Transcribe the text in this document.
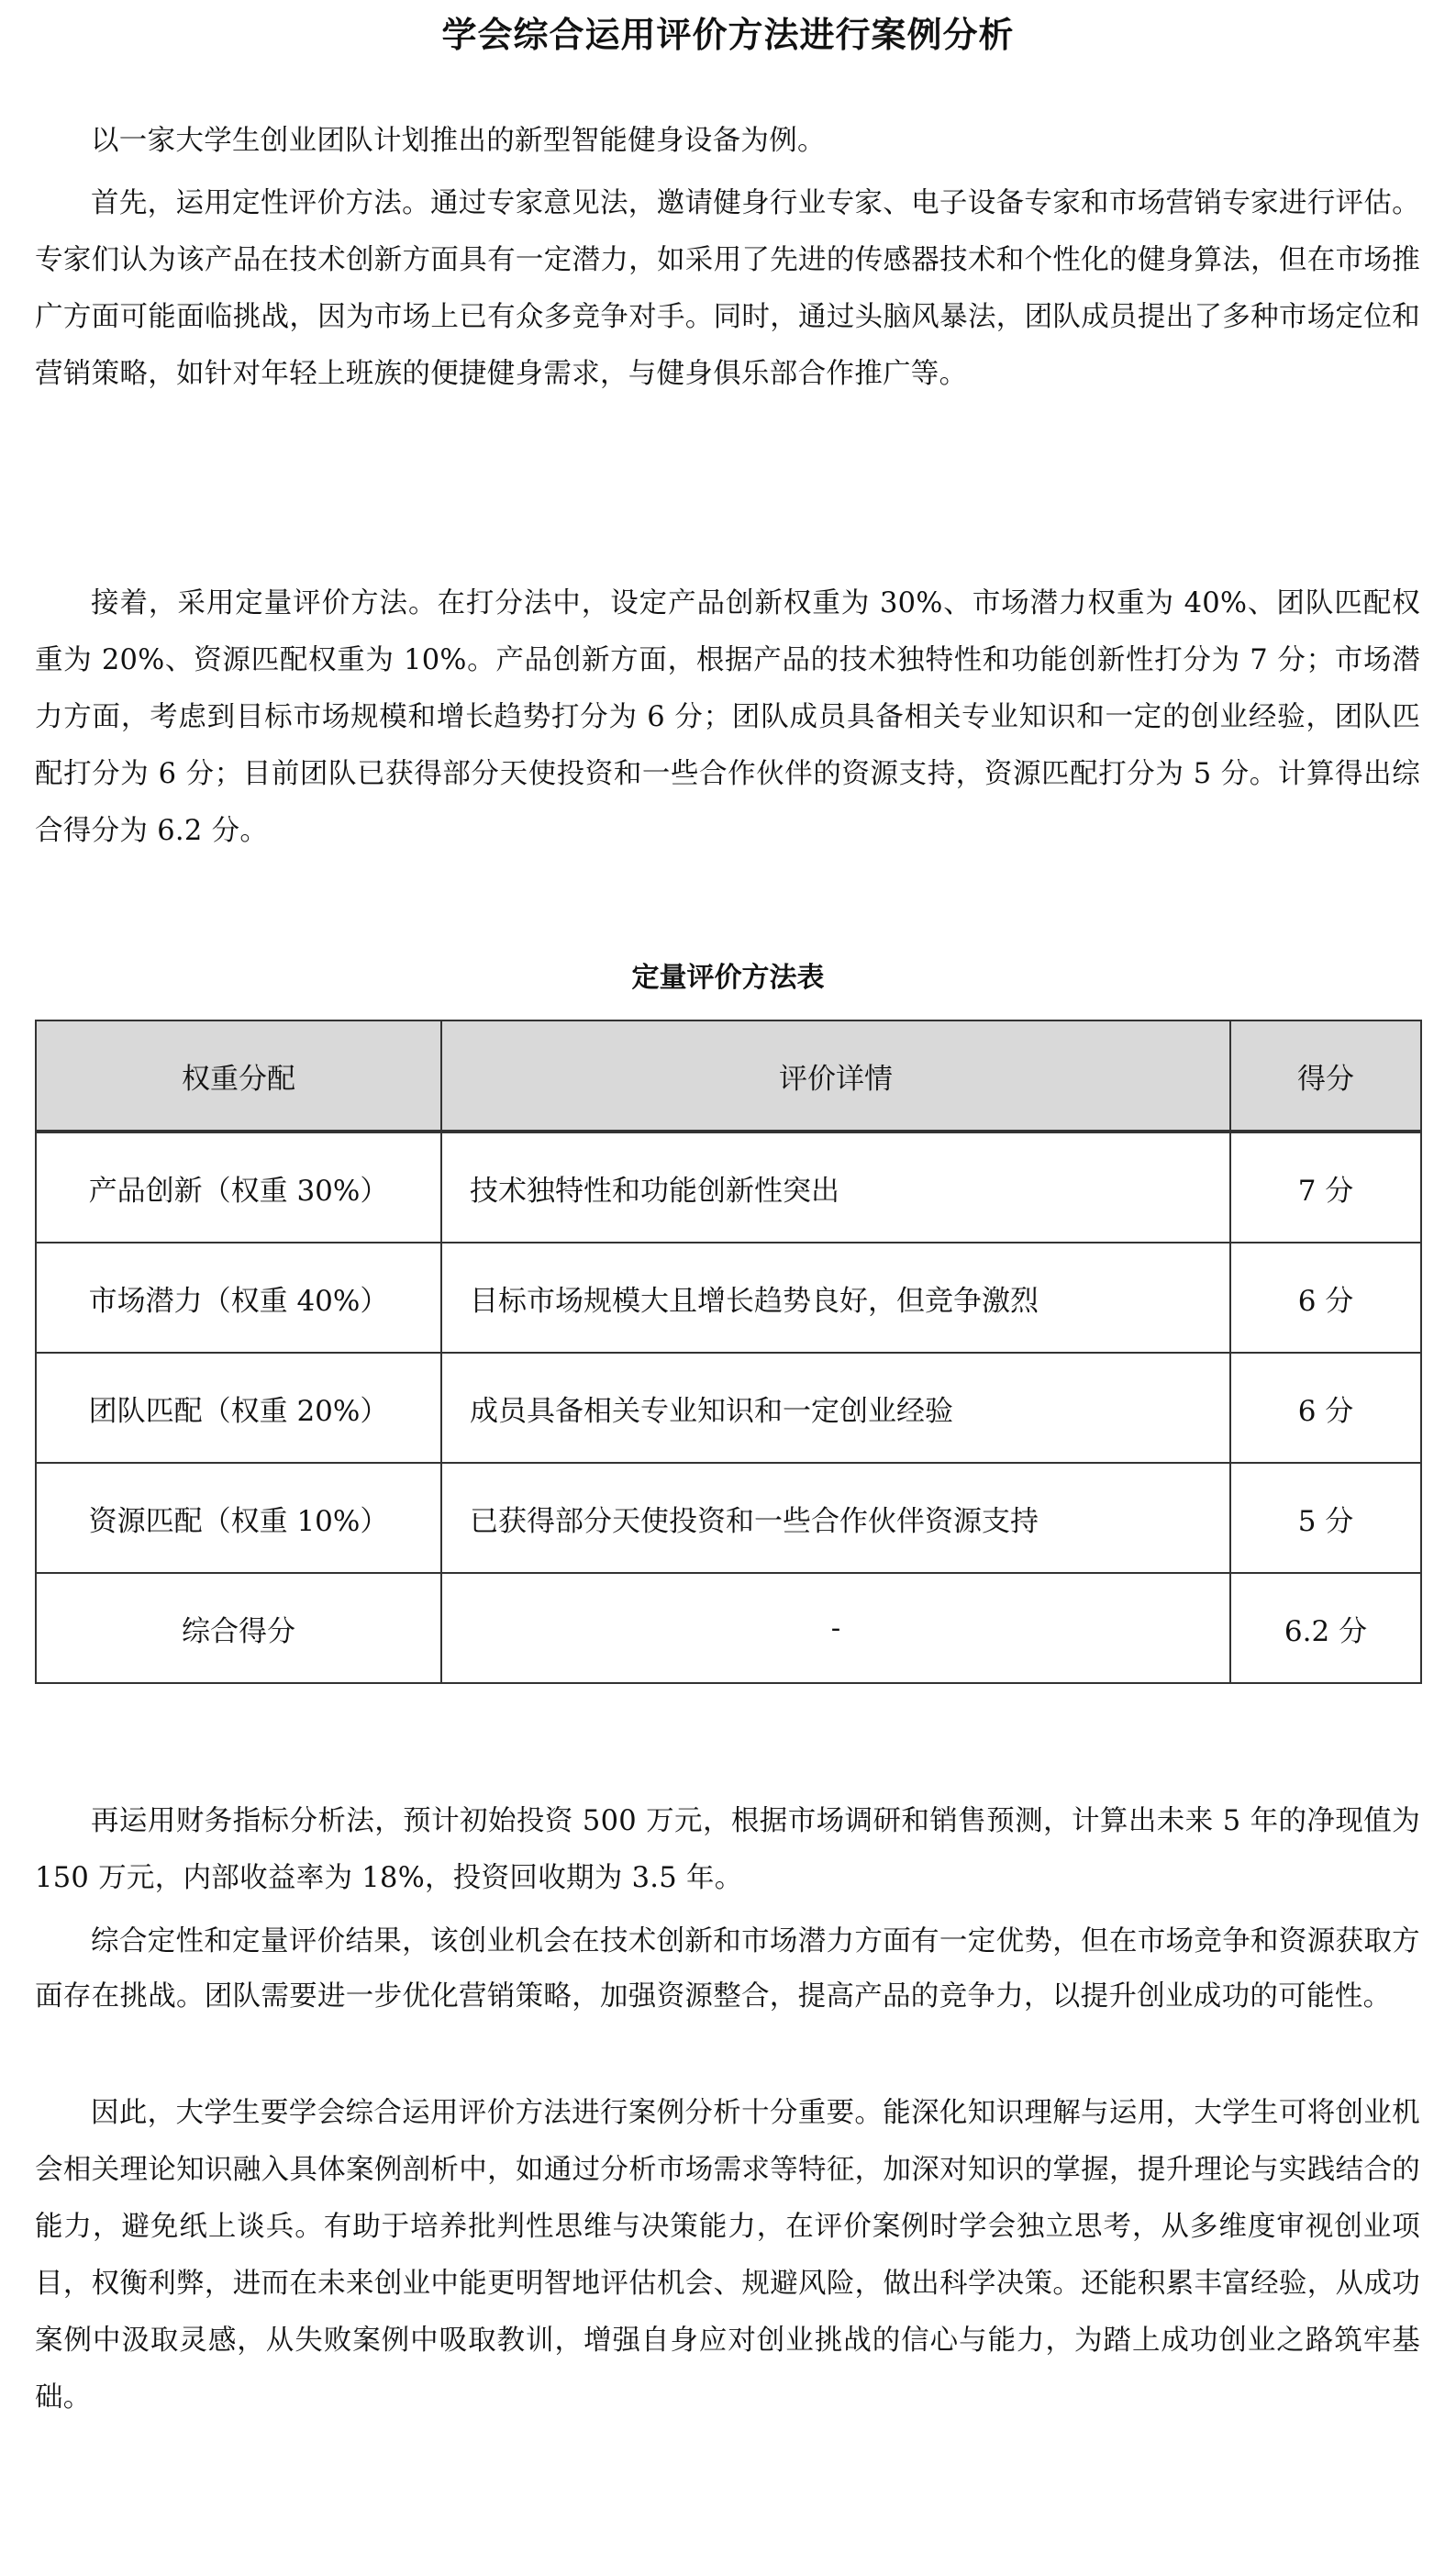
学会综合运用评价方法进行案例分析

以一家大学生创业团队计划推出的新型智能健身设备为例。

首先，运用定性评价方法。通过专家意见法，邀请健身行业专家、电子设备专家和市场营销专家进行评估。专家们认为该产品在技术创新方面具有一定潜力，如采用了先进的传感器技术和个性化的健身算法，但在市场推广方面可能面临挑战，因为市场上已有众多竞争对手。同时，通过头脑风暴法，团队成员提出了多种市场定位和营销策略，如针对年轻上班族的便捷健身需求，与健身俱乐部合作推广等。

接着，采用定量评价方法。在打分法中，设定产品创新权重为 30%、市场潜力权重为 40%、团队匹配权重为 20%、资源匹配权重为 10%。产品创新方面，根据产品的技术独特性和功能创新性打分为 7 分；市场潜力方面，考虑到目标市场规模和增长趋势打分为 6 分；团队成员具备相关专业知识和一定的创业经验，团队匹配打分为 6 分；目前团队已获得部分天使投资和一些合作伙伴的资源支持，资源匹配打分为 5 分。计算得出综合得分为 6.2 分。

定量评价方法表
权重分配	评价详情	得分
产品创新（权重 30%）	技术独特性和功能创新性突出	7 分
市场潜力（权重 40%）	目标市场规模大且增长趋势良好，但竞争激烈	6 分
团队匹配（权重 20%）	成员具备相关专业知识和一定创业经验	6 分
资源匹配（权重 10%）	已获得部分天使投资和一些合作伙伴资源支持	5 分
综合得分	-	6.2 分

再运用财务指标分析法，预计初始投资 500 万元，根据市场调研和销售预测，计算出未来 5 年的净现值为 150 万元，内部收益率为 18%，投资回收期为 3.5 年。

综合定性和定量评价结果，该创业机会在技术创新和市场潜力方面有一定优势，但在市场竞争和资源获取方面存在挑战。团队需要进一步优化营销策略，加强资源整合，提高产品的竞争力，以提升创业成功的可能性。

因此，大学生要学会综合运用评价方法进行案例分析十分重要。能深化知识理解与运用，大学生可将创业机会相关理论知识融入具体案例剖析中，如通过分析市场需求等特征，加深对知识的掌握，提升理论与实践结合的能力，避免纸上谈兵。有助于培养批判性思维与决策能力，在评价案例时学会独立思考，从多维度审视创业项目，权衡利弊，进而在未来创业中能更明智地评估机会、规避风险，做出科学决策。还能积累丰富经验，从成功案例中汲取灵感，从失败案例中吸取教训，增强自身应对创业挑战的信心与能力，为踏上成功创业之路筑牢基础。
